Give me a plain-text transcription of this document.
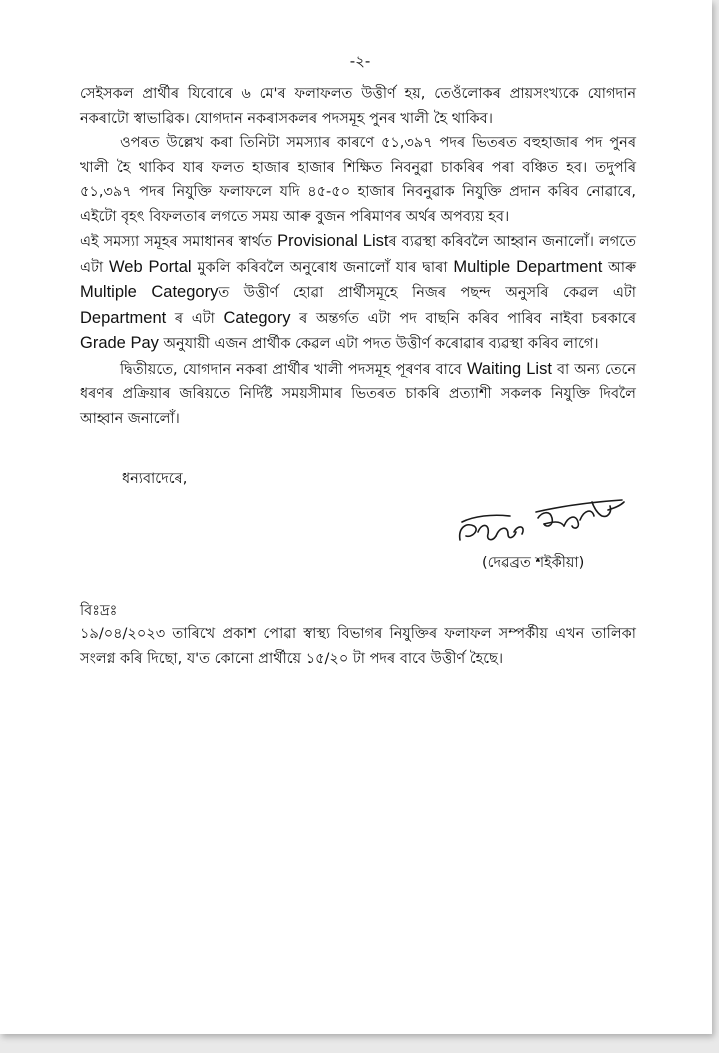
-২-

সেইসকল প্ৰাৰ্থীৰ যিবোৰে ৬ মে'ৰ ফলাফলত উত্তীৰ্ণ হয়, তেওঁলোকৰ প্ৰায়সংখ্যকে যোগদান নকৰাটো স্বাভাৱিক। যোগদান নকৰাসকলৰ পদসমূহ পুনৰ খালী হৈ থাকিব।

ওপৰত উল্লেখ কৰা তিনিটা সমস্যাৰ কাৰণে ৫১,৩৯৭ পদৰ ভিতৰত বহুহাজাৰ পদ পুনৰ খালী হৈ থাকিব যাৰ ফলত হাজাৰ হাজাৰ শিক্ষিত নিবনুৱা চাকৰিৰ পৰা বঞ্চিত হব। তদুপৰি ৫১,৩৯৭ পদৰ নিযুক্তি ফলাফলে যদি ৪৫-৫০ হাজাৰ নিবনুৱাক নিযুক্তি প্ৰদান কৰিব নোৱাৰে, এইটো বৃহৎ বিফলতাৰ লগতে সময় আৰু বুজন পৰিমাণৰ অৰ্থৰ অপব্যয় হব।

এই সমস্যা সমূহৰ সমাধানৰ স্বাৰ্থত Provisional Listৰ ব্যৱস্থা কৰিবলৈ আহ্বান জনালোঁ। লগতে এটা Web Portal মুকলি কৰিবলৈ অনুৰোধ জনালোঁ যাৰ দ্বাৰা Multiple Department আৰু Multiple Categoryত উত্তীৰ্ণ হোৱা প্ৰাৰ্থীসমূহে নিজৰ পছন্দ অনুসৰি কেৱল এটা Department ৰ এটা Category ৰ অন্তৰ্গত এটা পদ বাছনি কৰিব পাৰিব নাইবা চৰকাৰে Grade Pay অনুযায়ী এজন প্ৰাৰ্থীক কেৱল এটা পদত উত্তীৰ্ণ কৰোৱাৰ ব্যৱস্থা কৰিব লাগে।

দ্বিতীয়তে, যোগদান নকৰা প্ৰাৰ্থীৰ খালী পদসমূহ পূৰণৰ বাবে Waiting List বা অন্য তেনে ধৰণৰ প্ৰক্ৰিয়াৰ জৰিয়তে নিৰ্দিষ্ট সময়সীমাৰ ভিতৰত চাকৰি প্ৰত্যাশী সকলক নিযুক্তি দিবলৈ আহ্বান জনালোঁ।

ধন্যবাদেৰে,
(দেৱব্ৰত শইকীয়া)
বিঃদ্ৰঃ

১৯/০৪/২০২৩ তাৰিখে প্ৰকাশ পোৱা স্বাস্থ্য বিভাগৰ নিযুক্তিৰ ফলাফল সম্পৰ্কীয় এখন তালিকা সংলগ্ন কৰি দিছো, য'ত কোনো প্ৰাৰ্থীয়ে ১৫/২০ টা পদৰ বাবে উত্তীৰ্ণ হৈছে।
